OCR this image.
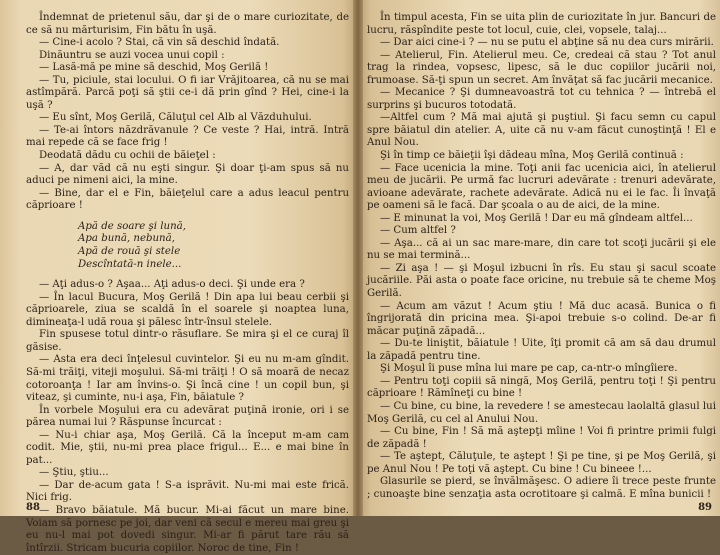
Îndemnat de prietenul său, dar şi de o mare curiozitate, de ce să nu mărturisim, Fin bătu în uşă.

— Cine-i acolo ? Stai, că vin să deschid îndată.

Dinăuntru se auzi vocea unui copil :

— Lasă-mă pe mine să deschid, Moş Gerilă !

— Tu, piciule, stai locului. O fi iar Vrăjitoarea, că nu se mai astîmpără. Parcă poţi să ştii ce-i dă prin gînd ? Hei, cine-i la uşă ?

— Eu sînt, Moş Gerilă, Căluţul cel Alb al Văzduhului.

— Te-ai întors năzdrăvanule ? Ce veste ? Hai, intră. Intră mai repede că se face frig !

Deodată dădu cu ochii de băieţel :

— A, dar văd că nu eşti singur. Şi doar ţi-am spus să nu aduci pe nimeni aici, la mine.

— Bine, dar el e Fin, băieţelul care a adus leacul pentru căprioare !

Apă de soare şi lună,
Apa bună, nebună,
Apă de rouă şi stele
Descîntată-n inele...

— Aţi adus-o ? Aşaa... Aţi adus-o deci. Şi unde era ?

— În lacul Bucura, Moş Gerilă ! Din apa lui beau cerbii şi căprioarele, ziua se scaldă în el soarele şi noaptea luna, dimineaţa-l udă roua şi pălesc într-însul stelele.

Fin spusese totul dintr-o răsuflare. Se mira şi el ce curaj îl găsise.

— Asta era deci înţelesul cuvintelor. Şi eu nu m-am gîndit. Să-mi trăiţi, viteji moşului. Să-mi trăiţi ! O să moară de necaz cotoroanţa ! Iar am învins-o. Şi încă cine ! un copil bun, şi viteaz, şi cuminte, nu-i aşa, Fin, băiatule ?

În vorbele Moşului era cu adevărat puţină ironie, ori i se părea numai lui ? Răspunse încurcat :

— Nu-i chiar aşa, Moş Gerilă. Că la început m-am cam codit. Mie, ştii, nu-mi prea place frigul... E... e mai bine în pat...

— Ştiu, ştiu...

— Dar de-acum gata ! S-a isprăvit. Nu-mi mai este frică. Nici frig.

— Bravo băiatule. Mă bucur. Mi-ai făcut un mare bine. Voiam să pornesc pe joi, dar veni că secul e mereu mai greu şi eu nu-l mai pot dovedi singur. Mi-ar fi părut tare rău să întîrzii. Stricam bucuria copiilor. Noroc de tine, Fin !

88

În timpul acesta, Fin se uita plin de curiozitate în jur. Bancuri de lucru, răspîndite peste tot locul, cuie, clei, vopsele, talaj...

— Dar aici cine-i ? — nu se putu el abţine să nu dea curs mirării.

— Atelierul, Fin. Atelierul meu. Ce, credeai că stau ? Tot anul trag la rindea, vopsesc, lipesc, să le duc copiilor jucării noi, frumoase. Să-ţi spun un secret. Am învăţat să fac jucării mecanice.

— Mecanice ? Şi dumneavoastră tot cu tehnica ? — întrebă el surprins şi bucuros totodată.

—Altfel cum ? Mă mai ajută şi puştiul. Şi facu semn cu capul spre băiatul din atelier. A, uite că nu v-am făcut cunoştinţă ! El e Anul Nou.

Şi în timp ce băieţii îşi dădeau mîna, Moş Gerilă continuă :

— Face ucenicia la mine. Toţi anii fac ucenicia aici, în atelierul meu de jucării. Pe urmă fac lucruri adevărate : trenuri adevărate, avioane adevărate, rachete adevărate. Adică nu ei le fac. Îi învaţă pe oameni să le facă. Dar şcoala o au de aici, de la mine.

— E minunat la voi, Moş Gerilă ! Dar eu mă gîndeam altfel...

— Cum altfel ?

— Aşa... că ai un sac mare-mare, din care tot scoţi jucării şi ele nu se mai termină...

— Zi aşa ! — şi Moşul izbucni în rîs. Eu stau şi sacul scoate jucăriile. Păi asta o poate face oricine, nu trebuie să te cheme Moş Gerilă.

— Acum am văzut ! Acum ştiu ! Mă duc acasă. Bunica o fi îngrijorată din pricina mea. Şi-apoi trebuie s-o colind. De-ar fi măcar puţină zăpadă...

— Du-te liniştit, băiatule ! Uite, îţi promit că am să dau drumul la zăpadă pentru tine.

Şi Moşul îi puse mîna lui mare pe cap, ca-ntr-o mîngîiere.

— Pentru toţi copiii să ningă, Moş Gerilă, pentru toţi ! Şi pentru căprioare ! Rămîneţi cu bine !

— Cu bine, cu bine, la revedere ! se amestecau laolaltă glasul lui Moş Gerilă, cu cel al Anului Nou.

— Cu bine, Fin ! Să mă aştepţi mîine ! Voi fi printre primii fulgi de zăpadă !

— Te aştept, Căluţule, te aştept ! Şi pe tine, şi pe Moş Gerilă, şi pe Anul Nou ! Pe toţi vă aştept. Cu bine ! Cu bineee !...

Glasurile se pierd, se învălmăşesc. O adiere îi trece peste frunte ; cunoaşte bine senzaţia asta ocrotitoare şi calmă. E mîna bunicii !

89
